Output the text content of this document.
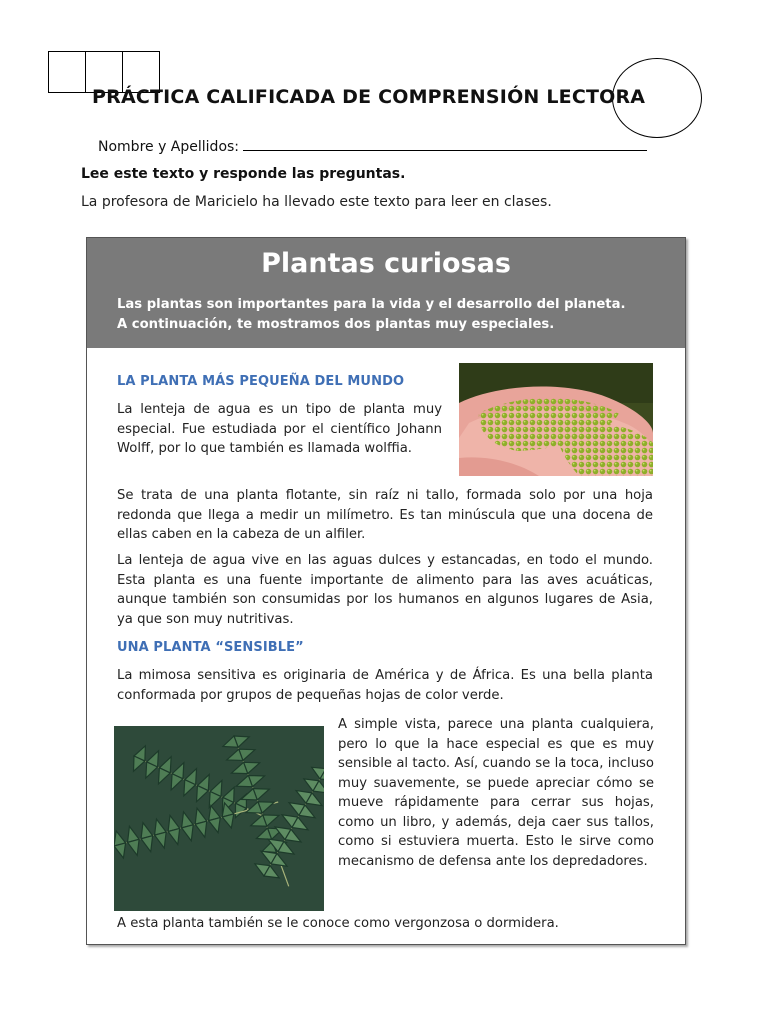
PRÁCTICA CALIFICADA DE COMPRENSIÓN LECTORA
Nombre y Apellidos:
Lee este texto y responde las preguntas.
La profesora de Maricielo ha llevado este texto para leer en clases.
Plantas curiosas

Las plantas son importantes para la vida y el desarrollo del planeta.
A continuación, te mostramos dos plantas muy especiales.

LA PLANTA MÁS PEQUEÑA DEL MUNDO

La lenteja de agua es un tipo de planta muy especial. Fue estudiada por el científico Johann Wolff, por lo que también es llamada wolffia.

Se trata de una planta flotante, sin raíz ni tallo, formada solo por una hoja redonda que llega a medir un milímetro. Es tan minúscula que una docena de ellas caben en la cabeza de un alfiler.

La lenteja de agua vive en las aguas dulces y estancadas, en todo el mundo. Esta planta es una fuente importante de alimento para las aves acuáticas, aunque también son consumidas por los humanos en algunos lugares de Asia, ya que son muy nutritivas.

UNA PLANTA “SENSIBLE”

La mimosa sensitiva es originaria de América y de África. Es una bella planta conformada por grupos de pequeñas hojas de color verde.

A simple vista, parece una planta cualquiera, pero lo que la hace especial es que es muy sensible al tacto. Así, cuando se la toca, incluso muy suavemente, se puede apreciar cómo se mueve rápidamente para cerrar sus hojas, como un libro, y además, deja caer sus tallos, como si estuviera muerta. Esto le sirve como mecanismo de defensa ante los depredadores.

A esta planta también se le conoce como vergonzosa o dormidera.
